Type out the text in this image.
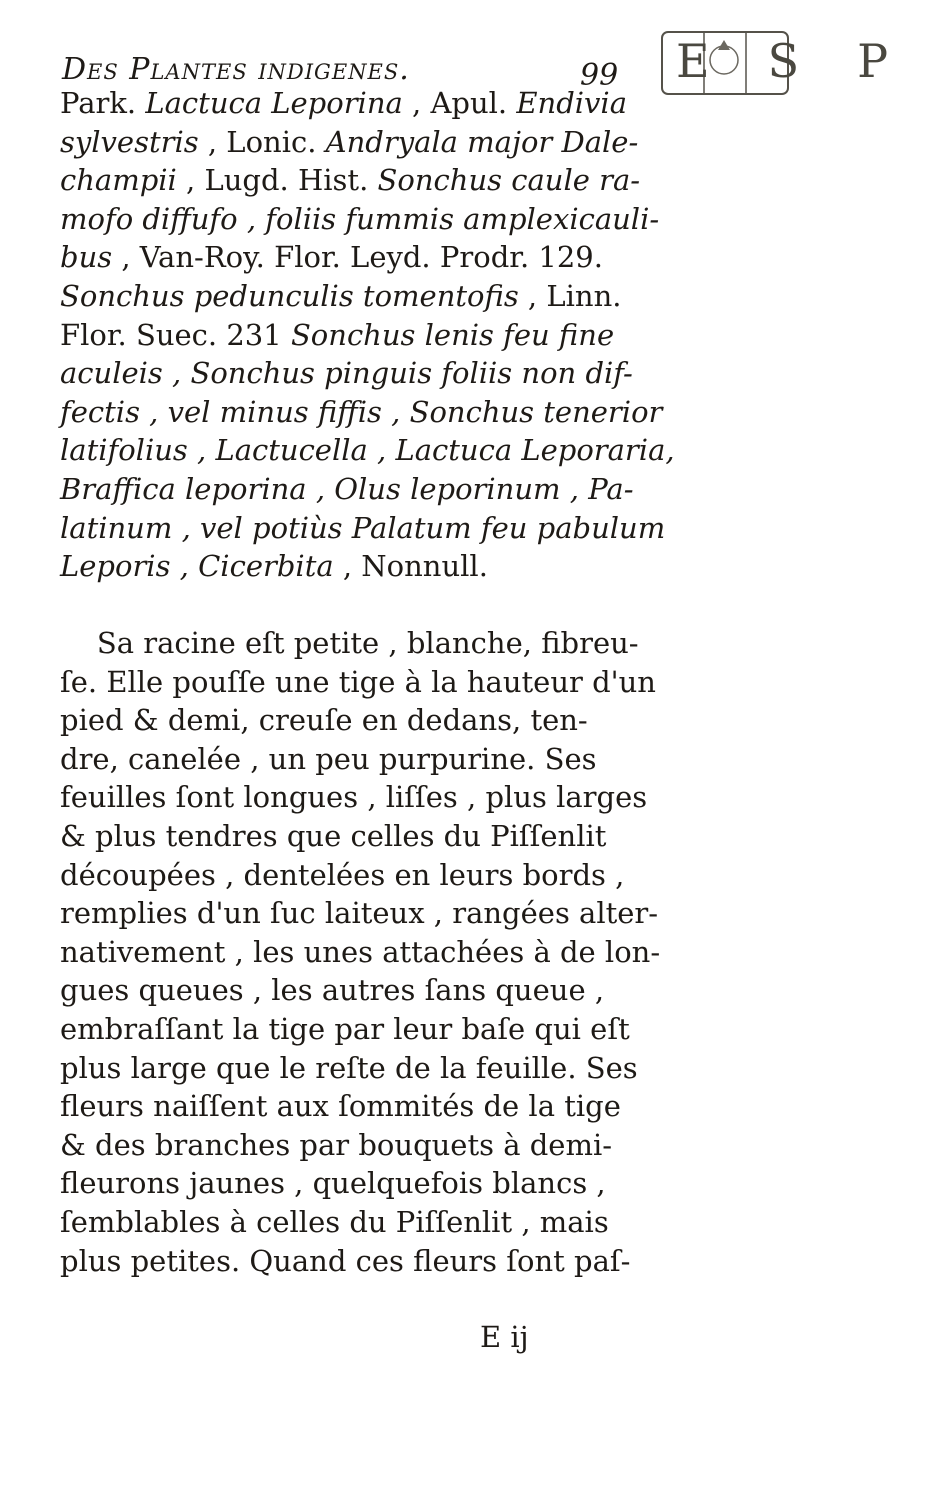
Des Plantes indigenes.	99 ESP
Park. Lactuca Leporina , Apul. Endivia
sylvestris , Lonic. Andryala major Dale-
champii , Lugd. Hist. Sonchus caule ra-
mofo diffufo , foliis fummis amplexicauli-
bus , Van-Roy. Flor. Leyd. Prodr. 129.
Sonchus pedunculis tomentofis , Linn.
Flor. Suec. 231 Sonchus lenis feu fine
aculeis , Sonchus pinguis foliis non dif-
fectis , vel minus fiffis , Sonchus tenerior
latifolius , Lactucella , Lactuca Leporaria,
Braffica leporina , Olus leporinum , Pa-
latinum , vel potiùs Palatum feu pabulum
Leporis , Cicerbita , Nonnull.
Sa racine eſt petite , blanche, fibreu-
ſe. Elle pouſſe une tige à la hauteur d'un
pied & demi, creuſe en dedans, ten-
dre, canelée , un peu purpurine. Ses
feuilles ſont longues , liſſes , plus larges
& plus tendres que celles du Piſſenlit
découpées , dentelées en leurs bords ,
remplies d'un ſuc laiteux , rangées alter-
nativement , les unes attachées à de lon-
gues queues , les autres ſans queue ,
embraſſant la tige par leur baſe qui eſt
plus large que le reſte de la feuille. Ses
fleurs naiſſent aux ſommités de la tige
& des branches par bouquets à demi-
fleurons jaunes , quelquefois blancs ,
ſemblables à celles du Piſſenlit , mais
plus petites. Quand ces fleurs ſont paſ-
E ij
